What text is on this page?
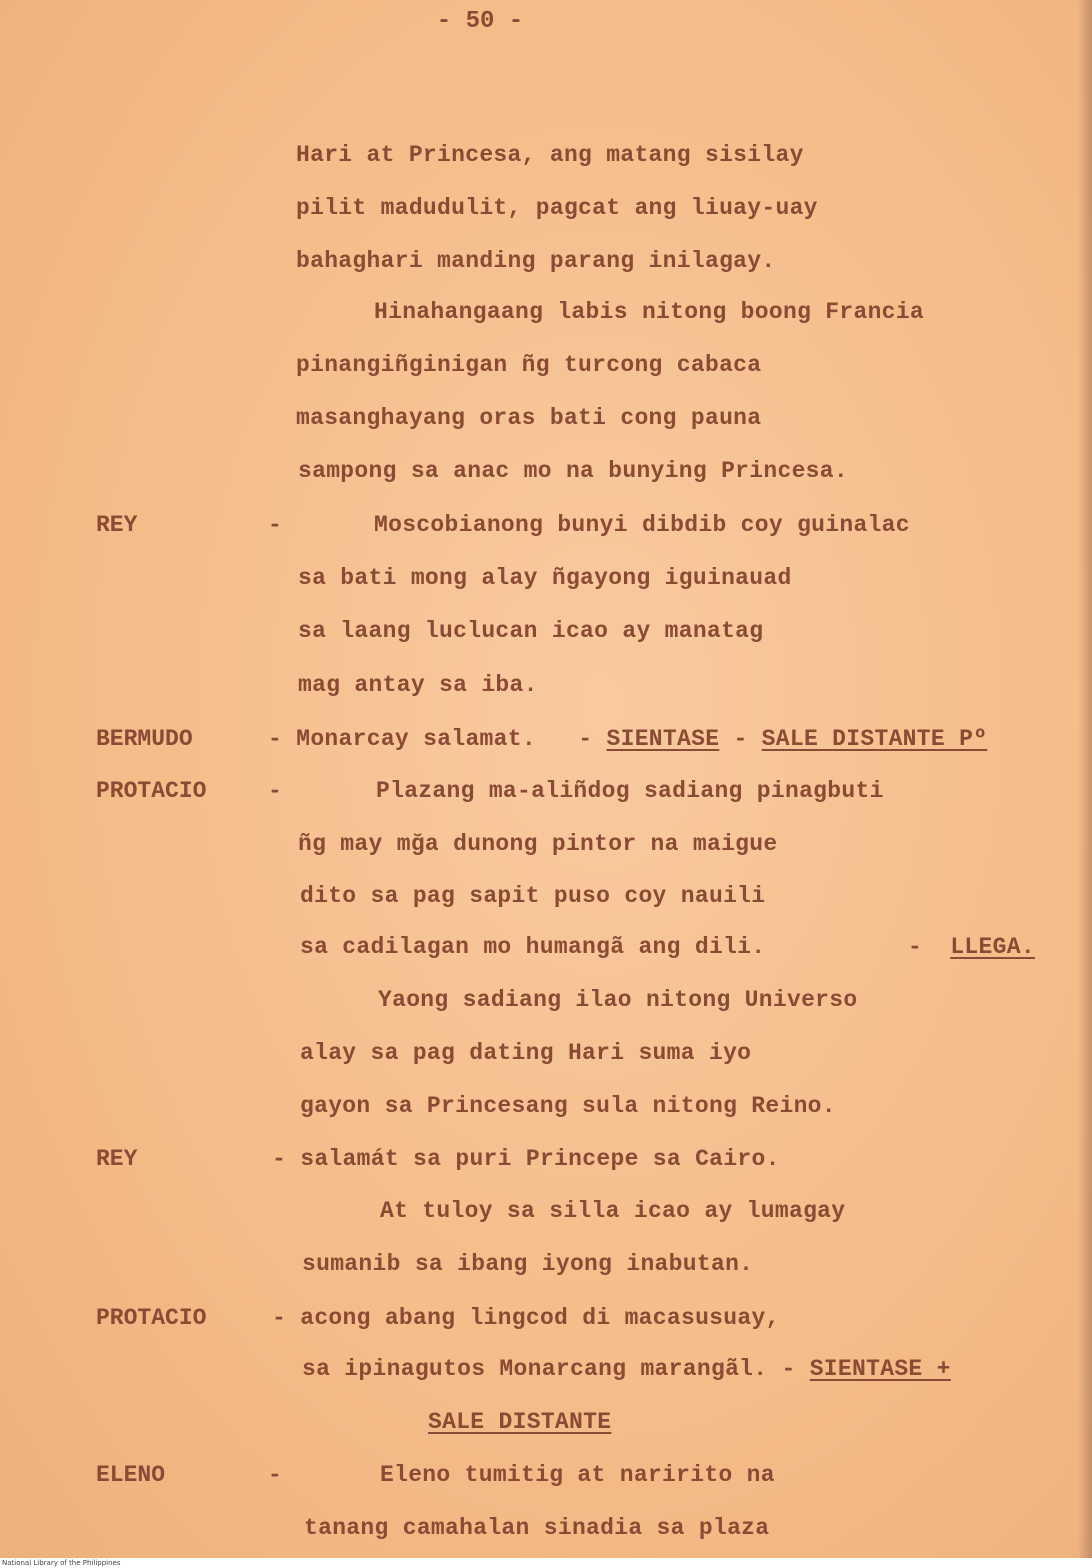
- 50 -
Hari at Princesa, ang matang sisilay
pilit madudulit, pagcat ang liuay-uay
bahaghari manding parang inilagay.
Hinahangaang labis nitong boong Francia
pinangiñginigan ñg turcong cabaca
masanghayang oras bati cong pauna
sampong sa anac mo na bunying Princesa.
REY	-	Moscobianong bunyi dibdib coy guinalac
sa bati mong alay ñgayong iguinauad
sa laang luclucan icao ay manatag
mag antay sa iba.
BERMUDO	- Monarcay salamat. - SIENTASE - SALE DISTANTE Pº
PROTACIO	-	Plazang ma-aliñdog sadiang pinagbuti
ñg may mğa dunong pintor na maigue
dito sa pag sapit puso coy nauili
sa cadilagan mo humangã ang dili.	- LLEGA.
Yaong sadiang ilao nitong Universo
alay sa pag dating Hari suma iyo
gayon sa Princesang sula nitong Reino.
REY	- salamát sa puri Princepe sa Cairo.
At tuloy sa silla icao ay lumagay
sumanib sa ibang iyong inabutan.
PROTACIO	- acong abang lingcod di macasusuay,
sa ipinagutos Monarcang marangãl. - SIENTASE +
SALE DISTANTE
ELENO	-	Eleno tumitig at naririto na
tanang camahalan sinadia sa plaza
National Library of the Philippines
